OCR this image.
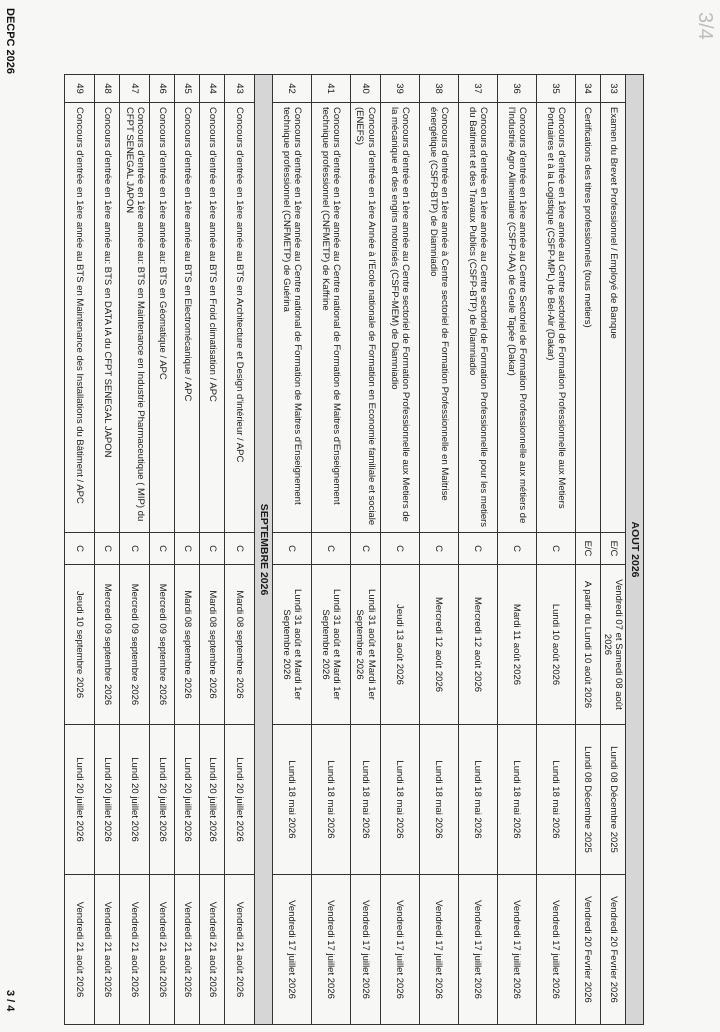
3/4
AOUT 2026					
33	Examen du Brevet Professionnel / Employé de Banque	E/C	Vendredi 07 et Samedi 08 août 2026	Lundi 08 Décembre 2025	Vendredi 20 Fevrier 2026
34	Certifications des titres professionnels (tous metiers)	E/C	A partir du Lundi 10 août 2026	Lundi 08 Décembre 2025	Vendredi 20 Fevrier 2026
35	Concours d'entrée en 1ère année au Centre sectoriel de Formation Professionnelle aux Metiers Portuaires et à la Logistique (CSFP-MPL) de Bel-Air (Dakar)	C	Lundi 10 août 2026	Lundi 18 mai 2026	Vendredi 17 juillet 2026
36	Concours d'entrée en 1ère année au Centre Sectoriel de Formation Professionnelle aux métiers de l'Industrie Agro Alimentaire (CSFP-IAA) de Geule Tapée (Dakar)	C	Mardi 11 août 2026	Lundi 18 mai 2026	Vendredi 17 juillet 2026
37	Concours d'entrée en 1ère année au Centre sectoriel de Formation Professionnelle pour les metiers du Batiment et des Travaux Publics (CSFP-BTP) de Diamniadio	C	Mercredi 12 août 2026	Lundi 18 mai 2026	Vendredi 17 juillet 2026
38	Concours d'entrée en 1ère année à Centre sectoriel de Formation Professionnelle en Maitrise énergétique (CSFP-BTP) de Diamniadio	C	Mercredi 12 août 2026	Lundi 18 mai 2026	Vendredi 17 juillet 2026
39	Concours d'entrée en 1ère année au Centre sectoriel de Formation Professionnelle aux Metiers de la mécanique et des engins motorisés (CSFP-MEM) de Diamniadio	C	Jeudi 13 août 2026	Lundi 18 mai 2026	Vendredi 17 juillet 2026
40	Concours d'entrée en 1ère Année à l'Ecole nationale de Formation en Economie familiale et sociale (ENEFS)	C	Lundi 31 août et Mardi 1er Septembre 2026	Lundi 18 mai 2026	Vendredi 17 juillet 2026
41	Concours d'entrée en 1ère année au Centre national de Formation de Maitres d'Enseignement technique professionnel (CNFMETP) de Kaffrine	C	Lundi 31 août et Mardi 1er Septembre 2026	Lundi 18 mai 2026	Vendredi 17 juillet 2026
42	Concours d'entrée en 1ère année au Centre national de Formation de Maitres d'Enseignement technique professionnel (CNFMETP) de Guérina	C	Lundi 31 août et Mardi 1er Septembre 2026	Lundi 18 mai 2026	Vendredi 17 juillet 2026
SEPTEMBRE 2026					
43	Concours d'entrée en 1ère année au BTS en Architecture et Design d'intérieur / APC	C	Mardi 08 septembre 2026	Lundi 20 juillet 2026	Vendredi 21 août 2026
44	Concours d'entrée en 1ère année au BTS en Froid climatisation / APC	C	Mardi 08 septembre 2026	Lundi 20 juillet 2026	Vendredi 21 août 2026
45	Concours d'entrée en 1ère année au BTS en Electromécanique / APC	C	Mardi 08 septembre 2026	Lundi 20 juillet 2026	Vendredi 21 août 2026
46	Concours d'entrée en 1ère année au: BTS en Géomatique / APC	C	Mercredi 09 septembre 2026	Lundi 20 juillet 2026	Vendredi 21 août 2026
47	Concours d'entrée en 1ère année au: BTS en Maintenance en Industrie Pharmaceutique ( MIP) du CFPT SENEGAL JAPON	C	Mercredi 09 septembre 2026	Lundi 20 juillet 2026	Vendredi 21 août 2026
48	Concours d'entrée en 1ère année au: BTS en DATA IA du CFPT SENEGAL JAPON	C	Mercredi 09 septembre 2026	Lundi 20 juillet 2026	Vendredi 21 août 2026
49	Concours d'entrée en 1ère année au BTS en Maintenance des Installations du Bâtiment / APC	C	Jeudi 10 septembre 2026	Lundi 20 juillet 2026	Vendredi 21 août 2026
DECPC 2026
3 / 4
